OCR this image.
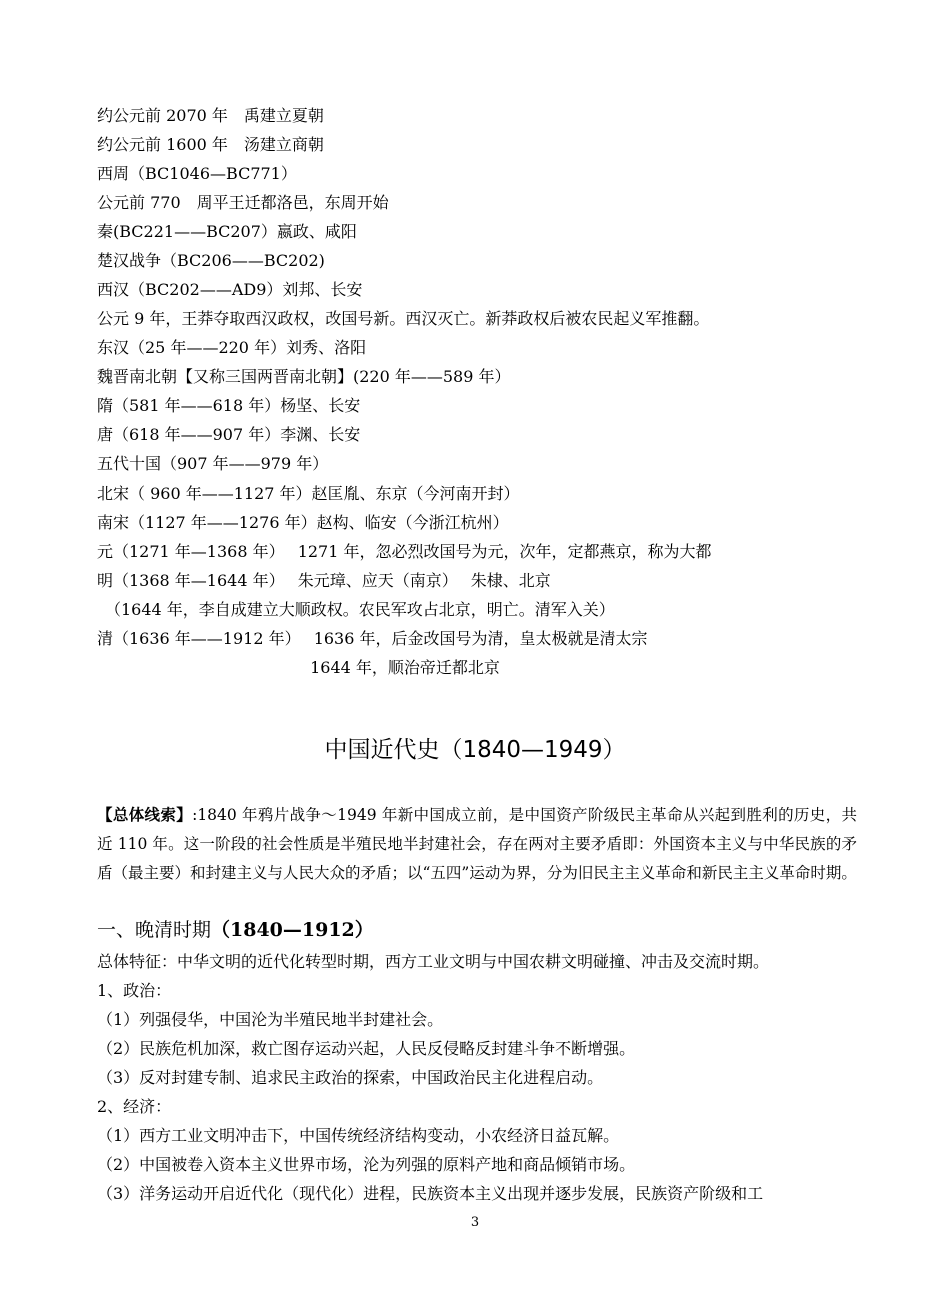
约公元前 2070 年　禹建立夏朝
约公元前 1600 年　汤建立商朝
西周（BC1046—BC771）
公元前 770　周平王迁都洛邑，东周开始
秦(BC221——BC207）嬴政、咸阳
楚汉战争（BC206——BC202)
西汉（BC202——AD9）刘邦、长安
公元 9 年，王莽夺取西汉政权，改国号新。西汉灭亡。新莽政权后被农民起义军推翻。
东汉（25 年——220 年）刘秀、洛阳
魏晋南北朝【又称三国两晋南北朝】(220 年——589 年）
隋（581 年——618 年）杨坚、长安
唐（618 年——907 年）李渊、长安
五代十国（907 年——979 年）
北宋（ 960 年——1127 年）赵匡胤、东京（今河南开封）
南宋（1127 年——1276 年）赵构、临安（今浙江杭州）
元（1271 年—1368 年）　 1271 年，忽必烈改国号为元，次年，定都燕京，称为大都
明（1368 年—1644 年）　 朱元璋、应天（南京）　 朱棣、北京
　（1644 年，李自成建立大顺政权。农民军攻占北京，明亡。清军入关）
清（1636 年——1912 年）　 1636 年，后金改国号为清，皇太极就是清太宗
　　　　　　　　　　　　　 1644 年，顺治帝迁都北京
中国近代史（1840—1949）
【总体线索】:1840 年鸦片战争～1949 年新中国成立前，是中国资产阶级民主革命从兴起到胜利的历史，共近 110 年。这一阶段的社会性质是半殖民地半封建社会，存在两对主要矛盾即：外国资本主义与中华民族的矛盾（最主要）和封建主义与人民大众的矛盾；以“五四”运动为界，分为旧民主主义革命和新民主主义革命时期。
一、晚清时期（1840—1912）
总体特征：中华文明的近代化转型时期，西方工业文明与中国农耕文明碰撞、冲击及交流时期。
1、政治：
（1）列强侵华，中国沦为半殖民地半封建社会。
（2）民族危机加深，救亡图存运动兴起，人民反侵略反封建斗争不断增强。
（3）反对封建专制、追求民主政治的探索，中国政治民主化进程启动。
2、经济：
（1）西方工业文明冲击下，中国传统经济结构变动，小农经济日益瓦解。
（2）中国被卷入资本主义世界市场，沦为列强的原料产地和商品倾销市场。
（3）洋务运动开启近代化（现代化）进程，民族资本主义出现并逐步发展，民族资产阶级和工
3
